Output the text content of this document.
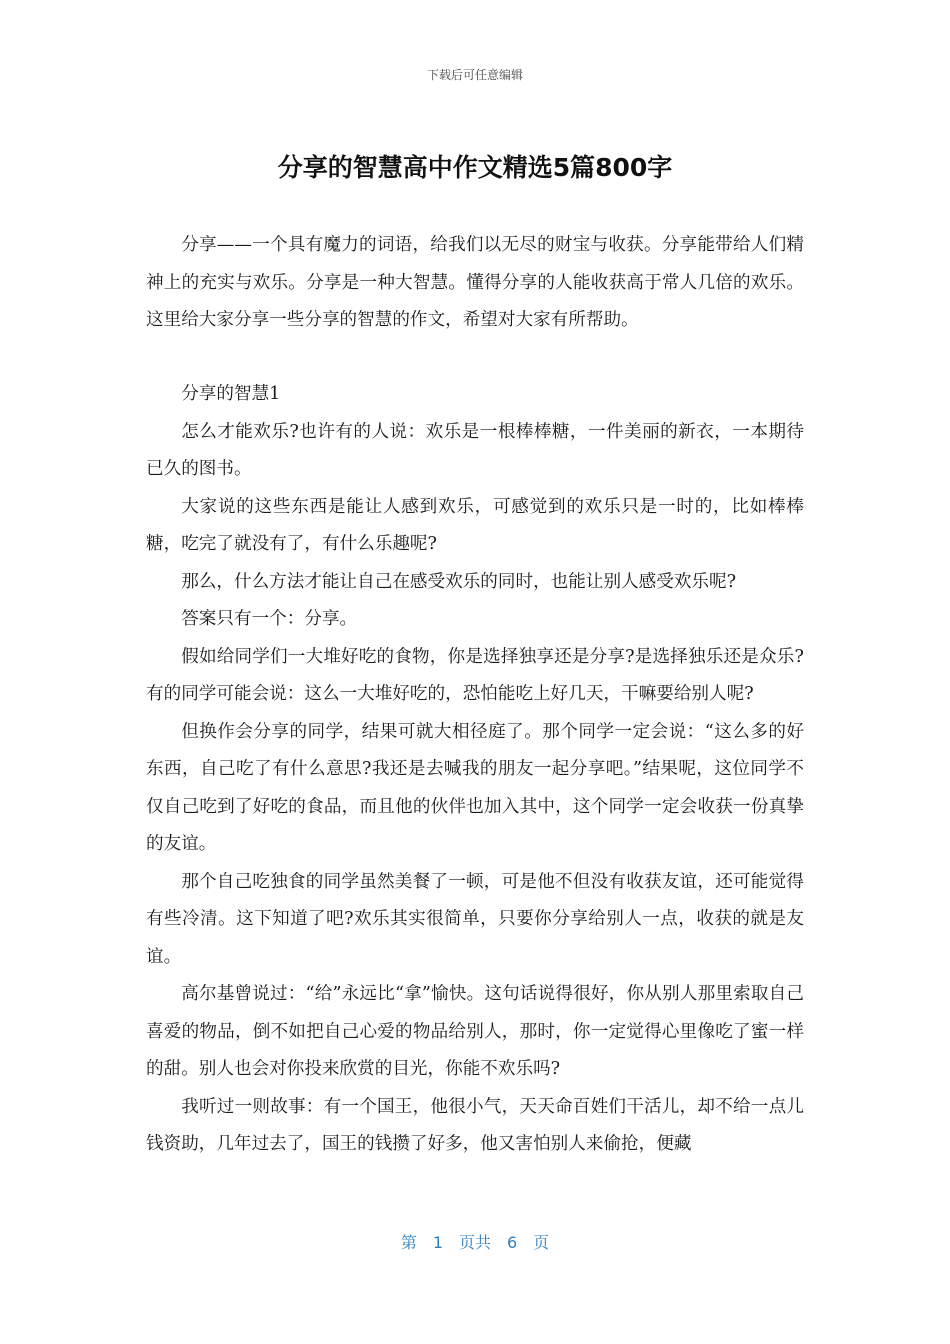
下载后可任意编辑
分享的智慧高中作文精选5篇800字

分享——一个具有魔力的词语，给我们以无尽的财宝与收获。分享能带给人们精神上的充实与欢乐。分享是一种大智慧。懂得分享的人能收获高于常人几倍的欢乐。这里给大家分享一些分享的智慧的作文，希望对大家有所帮助。

分享的智慧1

怎么才能欢乐?也许有的人说：欢乐是一根棒棒糖，一件美丽的新衣，一本期待已久的图书。

大家说的这些东西是能让人感到欢乐，可感觉到的欢乐只是一时的，比如棒棒糖，吃完了就没有了，有什么乐趣呢?

那么，什么方法才能让自己在感受欢乐的同时，也能让别人感受欢乐呢?

答案只有一个：分享。

假如给同学们一大堆好吃的食物，你是选择独享还是分享?是选择独乐还是众乐?有的同学可能会说：这么一大堆好吃的，恐怕能吃上好几天，干嘛要给别人呢?

但换作会分享的同学，结果可就大相径庭了。那个同学一定会说：“这么多的好东西，自己吃了有什么意思?我还是去喊我的朋友一起分享吧。”结果呢，这位同学不仅自己吃到了好吃的食品，而且他的伙伴也加入其中，这个同学一定会收获一份真挚的友谊。

那个自己吃独食的同学虽然美餐了一顿，可是他不但没有收获友谊，还可能觉得有些冷清。这下知道了吧?欢乐其实很简单，只要你分享给别人一点，收获的就是友谊。

高尔基曾说过：“给”永远比“拿”愉快。这句话说得很好，你从别人那里索取自己喜爱的物品，倒不如把自己心爱的物品给别人，那时，你一定觉得心里像吃了蜜一样的甜。别人也会对你投来欣赏的目光，你能不欢乐吗?

我听过一则故事：有一个国王，他很小气，天天命百姓们干活儿，却不给一点儿钱资助，几年过去了，国王的钱攒了好多，他又害怕别人来偷抢，便藏

第　1　页共　6　页
